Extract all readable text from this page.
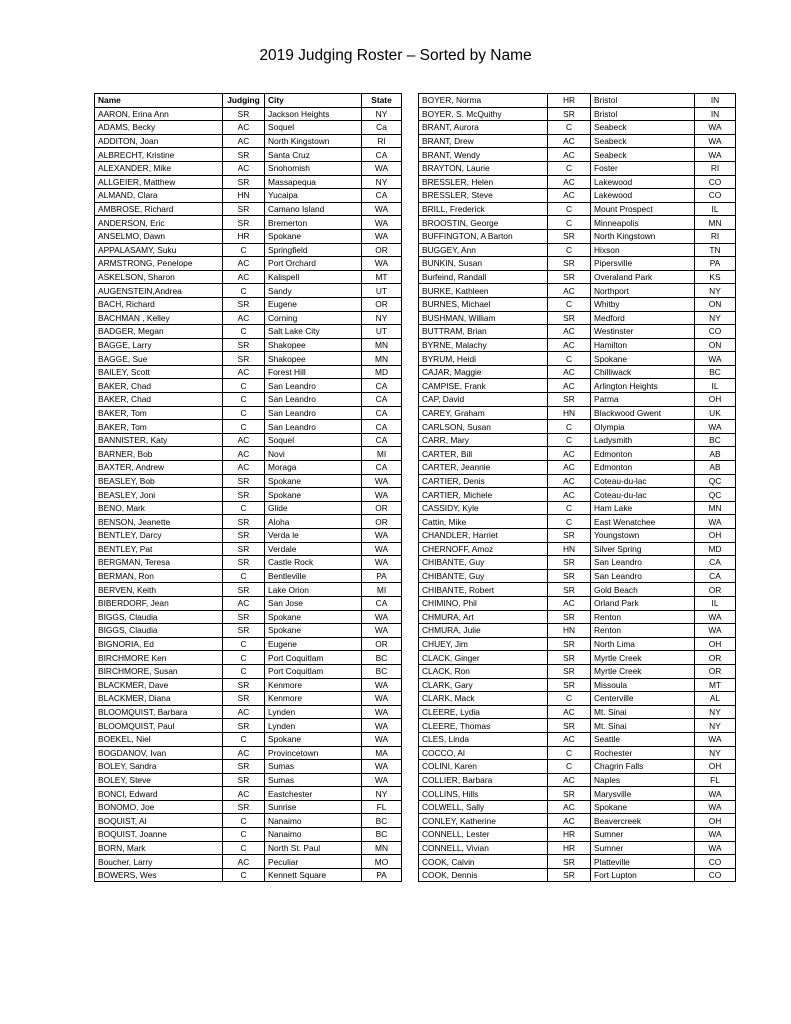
2019 Judging Roster – Sorted by Name
Name	Judging	City	State
AARON, Erina Ann	SR	Jackson Heights	NY
ADAMS, Becky	AC	Soquel	Ca
ADDITON, Joan	AC	North Kingstown	RI
ALBRECHT, Kristine	SR	Santa Cruz	CA
ALEXANDER, Mike	AC	Snohomish	WA
ALLGEIER, Matthew	SR	Massapequa	NY
ALMAND, Clara	HN	Yucaipa	CA
AMBROSE, Richard	SR	Camano Island	WA
ANDERSON, Eric	SR	Bremerton	WA
ANSELMO, Dawn	HR	Spokane	WA
APPALASAMY, Suku	C	Springfield	OR
ARMSTRONG, Penelope	AC	Port Orchard	WA
ASKELSON, Sharon	AC	Kalispell	MT
AUGENSTEIN,Andrea	C	Sandy	UT
BACH, Richard	SR	Eugene	OR
BACHMAN , Kelley	AC	Corning	NY
BADGER, Megan	C	Salt Lake City	UT
BAGGE, Larry	SR	Shakopee	MN
BAGGE, Sue	SR	Shakopee	MN
BAILEY, Scott	AC	Forest Hill	MD
BAKER, Chad	C	San Leandro	CA
BAKER, Chad	C	San Leandro	CA
BAKER, Tom	C	San Leandro	CA
BAKER, Tom	C	San Leandro	CA
BANNISTER, Katy	AC	Soquel	CA
BARNER, Bob	AC	Novi	MI
BAXTER, Andrew	AC	Moraga	CA
BEASLEY, Bob	SR	Spokane	WA
BEASLEY, Joni	SR	Spokane	WA
BENO, Mark	C	Glide	OR
BENSON, Jeanette	SR	Aloha	OR
BENTLEY, Darcy	SR	Verda le	WA
BENTLEY, Pat	SR	Verdale	WA
BERGMAN, Teresa	SR	Castle Rock	WA
BERMAN, Ron	C	Bentleville	PA
BERVEN, Keith	SR	Lake Orion	MI
BIBERDORF, Jean	AC	San Jose	CA
BIGGS, Claudia	SR	Spokane	WA
BIGGS, Claudia	SR	Spokane	WA
BIGNORIA, Ed	C	Eugene	OR
BIRCHMORE Ken	C	Port Coquitlam	BC
BIRCHMORE, Susan	C	Port Coquitlam	BC
BLACKMER, Dave	SR	Kenmore	WA
BLACKMER, Diana	SR	Kenmore	WA
BLOOMQUIST, Barbara	AC	Lynden	WA
BLOOMQUIST, Paul	SR	Lynden	WA
BOEKEL, Niel	C	Spokane	WA
BOGDANOV, Ivan	AC	Provincetown	MA
BOLEY, Sandra	SR	Sumas	WA
BOLEY, Steve	SR	Sumas	WA
BONCI, Edward	AC	Eastchester	NY
BONOMO, Joe	SR	Sunrise	FL
BOQUIST, Al	C	Nanaimo	BC
BOQUIST, Joanne	C	Nanaimo	BC
BORN, Mark	C	North St. Paul	MN
Boucher, Larry	AC	Peculiar	MO
BOWERS, Wes	C	Kennett Square	PA
BOYER, Norma	HR	Bristol	IN
BOYER, S. McQuithy	SR	Bristol	IN
BRANT, Aurora	C	Seabeck	WA
BRANT, Drew	AC	Seabeck	WA
BRANT, Wendy	AC	Seabeck	WA
BRAYTON, Laurie	C	Foster	RI
BRESSLER, Helen	AC	Lakewood	CO
BRESSLER, Steve	AC	Lakewood	CO
BRILL, Frederick	C	Mount Prospect	IL
BROOSTIN, George	C	Minneapolis	MN
BUFFINGTON, A Barton	SR	North Kingstown	RI
BUGGEY, Ann	C	Hixson	TN
BUNKIN, Susan	SR	Pipersville	PA
Burfeind, Randall	SR	Overaland Park	KS
BURKE, Kathleen	AC	Northport	NY
BURNES, Michael	C	Whitby	ON
BUSHMAN, William	SR	Medford	NY
BUTTRAM, Brian	AC	Westinster	CO
BYRNE, Malachy	AC	Hamilton	ON
BYRUM, Heidi	C	Spokane	WA
CAJAR, Maggie	AC	Chilliwack	BC
CAMPISE, Frank	AC	Arlington Heights	IL
CAP, David	SR	Parma	OH
CAREY, Graham	HN	Blackwood Gwent	UK
CARLSON, Susan	C	Olympia	WA
CARR, Mary	C	Ladysmith	BC
CARTER, Bill	AC	Edmonton	AB
CARTER, Jeannie	AC	Edmonton	AB
CARTIER, Denis	AC	Coteau-du-lac	QC
CARTIER, Michele	AC	Coteau-du-lac	QC
CASSIDY, Kyle	C	Ham Lake	MN
Cattin, Mike	C	East Wenatchee	WA
CHANDLER, Harriet	SR	Youngstown	OH
CHERNOFF, Amoz	HN	Silver Spring	MD
CHIBANTE, Guy	SR	San Leandro	CA
CHIBANTE, Guy	SR	San Leandro	CA
CHIBANTE, Robert	SR	Gold Beach	OR
CHIMINO, Phil	AC	Orland Park	IL
CHMURA, Art	SR	Renton	WA
CHMURA, Julie	HN	Renton	WA
CHUEY, Jim	SR	North Lima	OH
CLACK, Ginger	SR	Myrtle Creek	OR
CLACK, Ron	SR	Myrtle Creek	OR
CLARK, Gary	SR	Missoula	MT
CLARK, Mack	C	Centerville	AL
CLEERE, Lydia	AC	Mt. Sinai	NY
CLEERE, Thomas	SR	Mt. Sinai	NY
CLES, Linda	AC	Seattle	WA
COCCO, Al	C	Rochester	NY
COLINI, Karen	C	Chagrin Falls	OH
COLLIER, Barbara	AC	Naples	FL
COLLINS, Hills	SR	Marysville	WA
COLWELL, Sally	AC	Spokane	WA
CONLEY, Katherine	AC	Beavercreek	OH
CONNELL, Lester	HR	Sumner	WA
CONNELL, Vivian	HR	Sumner	WA
COOK, Calvin	SR	Platteville	CO
COOK, Dennis	SR	Fort Lupton	CO
